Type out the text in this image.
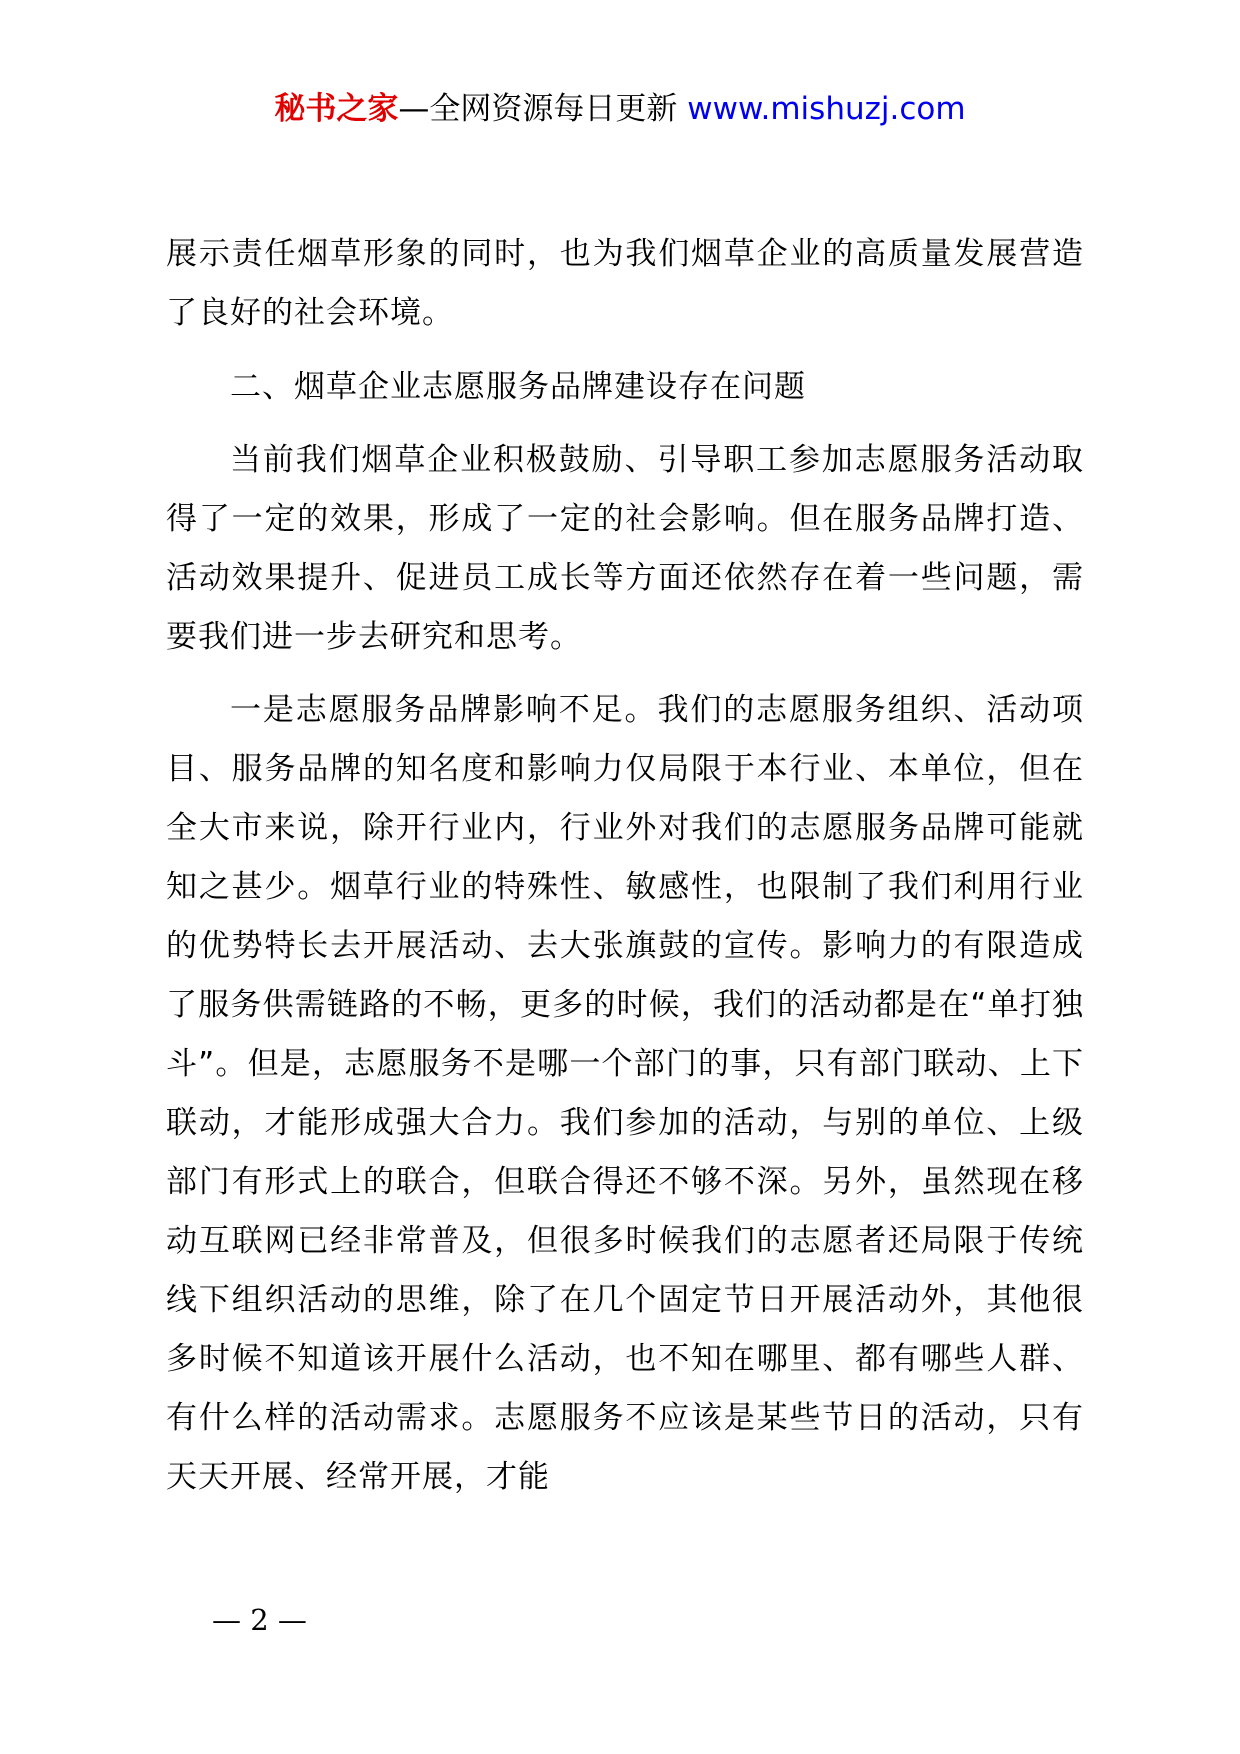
秘书之家—全网资源每日更新 www.mishuzj.com

展示责任烟草形象的同时，也为我们烟草企业的高质量发展营造了良好的社会环境。

二、烟草企业志愿服务品牌建设存在问题

当前我们烟草企业积极鼓励、引导职工参加志愿服务活动取得了一定的效果，形成了一定的社会影响。但在服务品牌打造、活动效果提升、促进员工成长等方面还依然存在着一些问题，需要我们进一步去研究和思考。

一是志愿服务品牌影响不足。我们的志愿服务组织、活动项目、服务品牌的知名度和影响力仅局限于本行业、本单位，但在全大市来说，除开行业内，行业外对我们的志愿服务品牌可能就知之甚少。烟草行业的特殊性、敏感性，也限制了我们利用行业的优势特长去开展活动、去大张旗鼓的宣传。影响力的有限造成了服务供需链路的不畅，更多的时候，我们的活动都是在“单打独斗”。但是，志愿服务不是哪一个部门的事，只有部门联动、上下联动，才能形成强大合力。我们参加的活动，与别的单位、上级部门有形式上的联合，但联合得还不够不深。另外，虽然现在移动互联网已经非常普及，但很多时候我们的志愿者还局限于传统线下组织活动的思维，除了在几个固定节日开展活动外，其他很多时候不知道该开展什么活动，也不知在哪里、都有哪些人群、有什么样的活动需求。志愿服务不应该是某些节日的活动，只有天天开展、经常开展，才能

— 2 —
